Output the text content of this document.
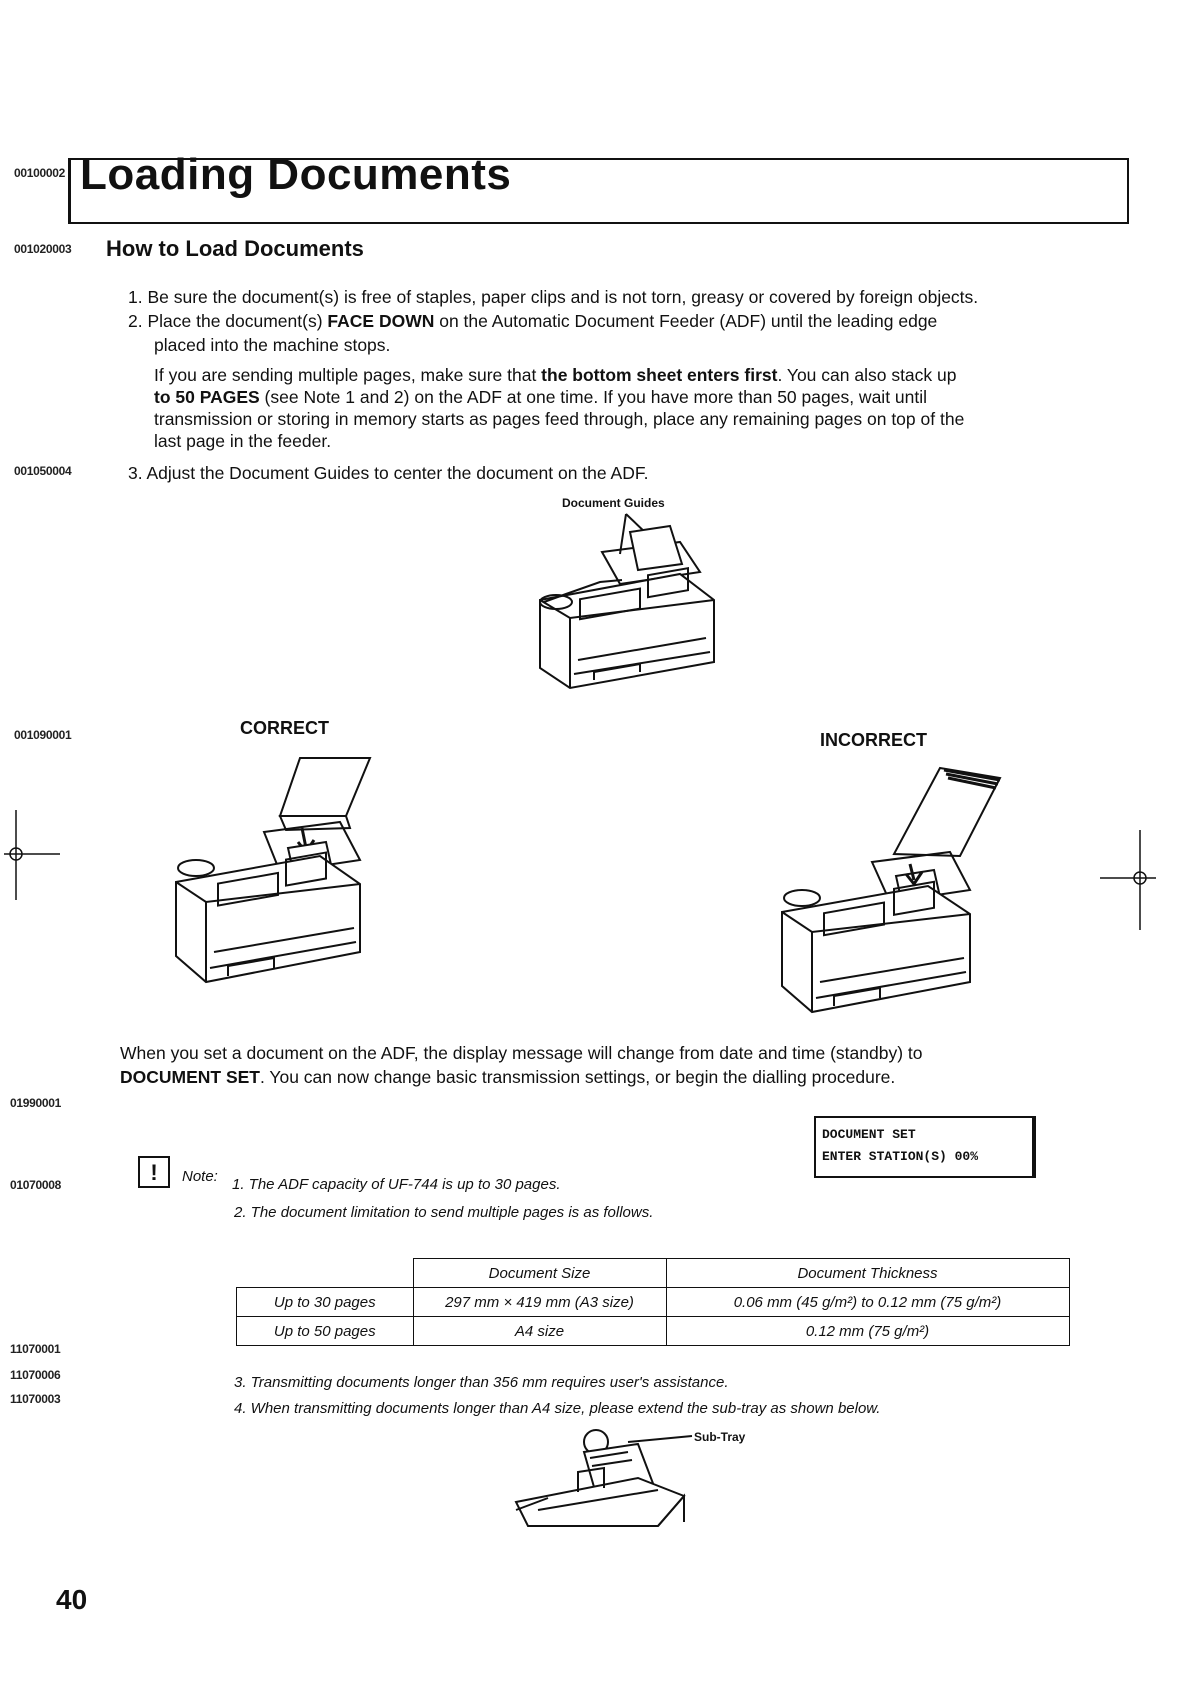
00100002
001020003
001050004
001090001
01990001
01070008
11070001
11070006
11070003
Loading Documents
How to Load Documents
1. Be sure the document(s) is free of staples, paper clips and is not torn, greasy or covered by foreign objects.
2. Place the document(s) FACE DOWN on the Automatic Document Feeder (ADF) until the leading edge
placed into the machine stops.
If you are sending multiple pages, make sure that the bottom sheet enters first. You can also stack up
to 50 PAGES (see Note 1 and 2) on the ADF at one time. If you have more than 50 pages, wait until
transmission or storing in memory starts as pages feed through, place any remaining pages on top of the
last page in the feeder.
3. Adjust the Document Guides to center the document on the ADF.
Document Guides
CORRECT
INCORRECT
When you set a document on the ADF, the display message will change from date and time (standby) to
DOCUMENT SET. You can now change basic transmission settings, or begin the dialling procedure.
DOCUMENT SET
ENTER STATION(S) 00%
!	Note: 1. The ADF capacity of UF-744 is up to 30 pages.
2. The document limitation to send multiple pages is as follows.
	Document Size	Document Thickness
Up to 30 pages	297 mm × 419 mm (A3 size)	0.06 mm (45 g/m²) to 0.12 mm (75 g/m²)
Up to 50 pages	A4 size	0.12 mm (75 g/m²)
3. Transmitting documents longer than 356 mm requires user's assistance.
4. When transmitting documents longer than A4 size, please extend the sub-tray as shown below.
Sub-Tray
40
